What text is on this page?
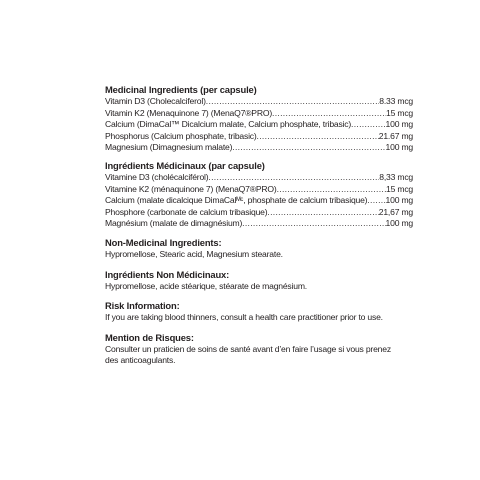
Medicinal Ingredients (per capsule)
Vitamin D3 (Cholecalciferol) .....	8.33 mcg
Vitamin K2 (Menaquinone 7) (MenaQ7®PRO) .....	15 mcg
Calcium (DimaCal™ Dicalcium malate, Calcium phosphate, tribasic) .....	100 mg
Phosphorus (Calcium phosphate, tribasic) .....	21.67 mg
Magnesium (Dimagnesium malate) .....	100 mg
Ingrédients Médicinaux (par capsule)
Vitamine D3 (cholécalciférol) .....	8,33 mcg
Vitamine K2 (ménaquinone 7) (MenaQ7®PRO) .....	15 mcg
Calcium (malate dicalcique DimaCalᴹᶜ, phosphate de calcium tribasique) ..... 100 mg
Phosphore (carbonate de calcium tribasique) .....	21,67 mg
Magnésium (malate de dimagnésium) .....	100 mg
Non-Medicinal Ingredients:
Hypromellose, Stearic acid, Magnesium stearate.
Ingrédients Non Médicinaux:
Hypromellose, acide stéarique, stéarate de magnésium.
Risk Information:
If you are taking blood thinners, consult a health care practitioner prior to use.
Mention de Risques:
Consulter un praticien de soins de santé avant d’en faire l’usage si vous prenez des anticoagulants.
